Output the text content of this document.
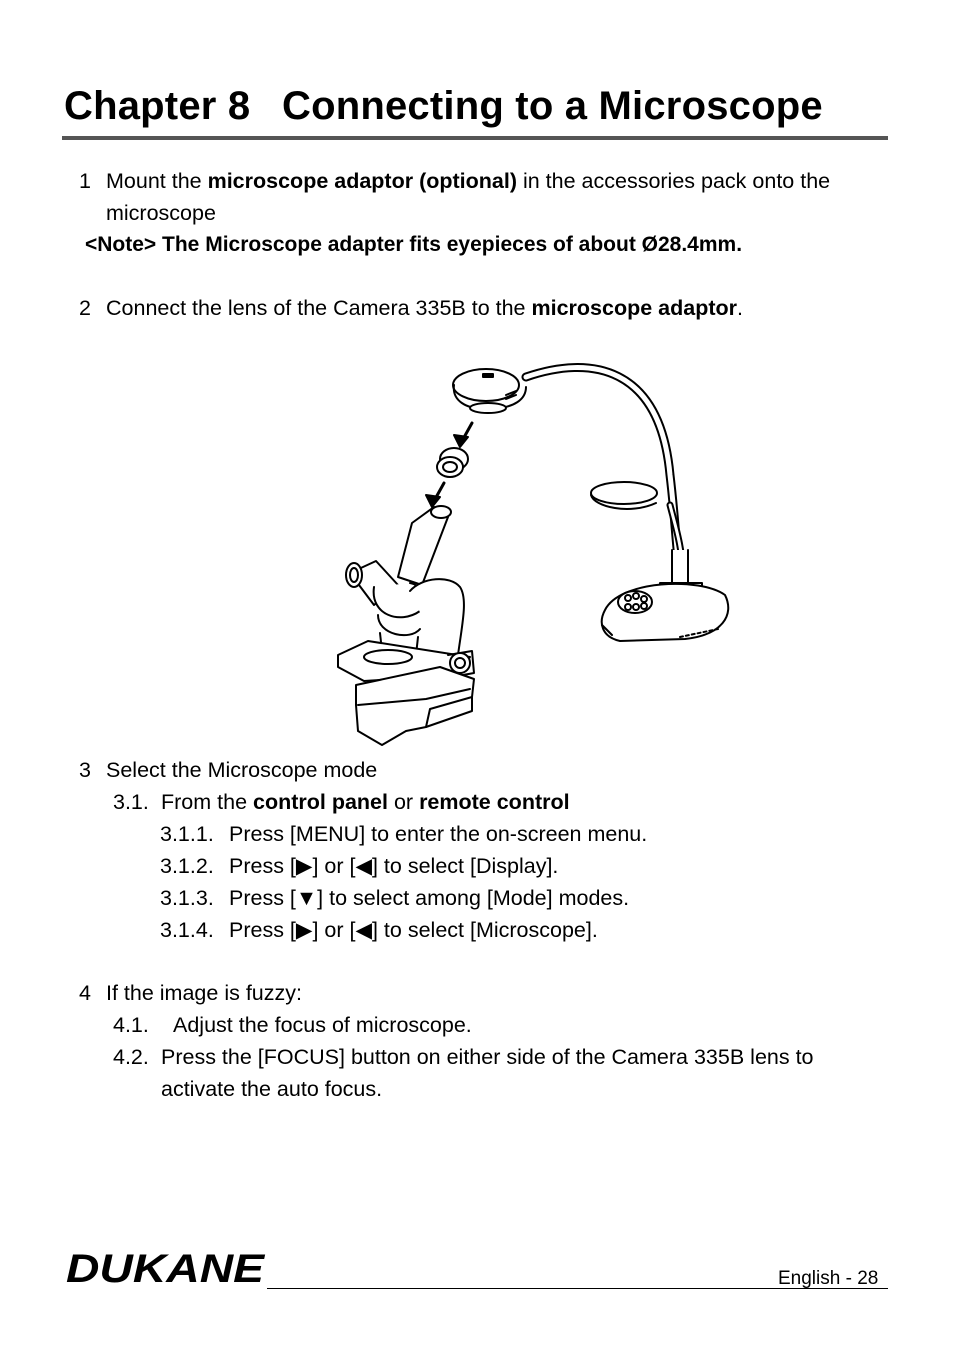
Chapter 8 Connecting to a Microscope
1 Mount the microscope adaptor (optional) in the accessories pack onto the
microscope
<Note> The Microscope adapter fits eyepieces of about Ø28.4mm.
2 Connect the lens of the Camera 335B to the microscope adaptor.
3 Select the Microscope mode
3.1. From the control panel or remote control
3.1.1. Press [MENU] to enter the on-screen menu.
3.1.2. Press [▶] or [◀] to select [Display].
3.1.3. Press [▼] to select among [Mode] modes.
3.1.4. Press [▶] or [◀] to select [Microscope].
4 If the image is fuzzy:
4.1. Adjust the focus of microscope.
4.2. Press the [FOCUS] button on either side of the Camera 335B lens to
activate the auto focus.
DUKANE	English - 28
